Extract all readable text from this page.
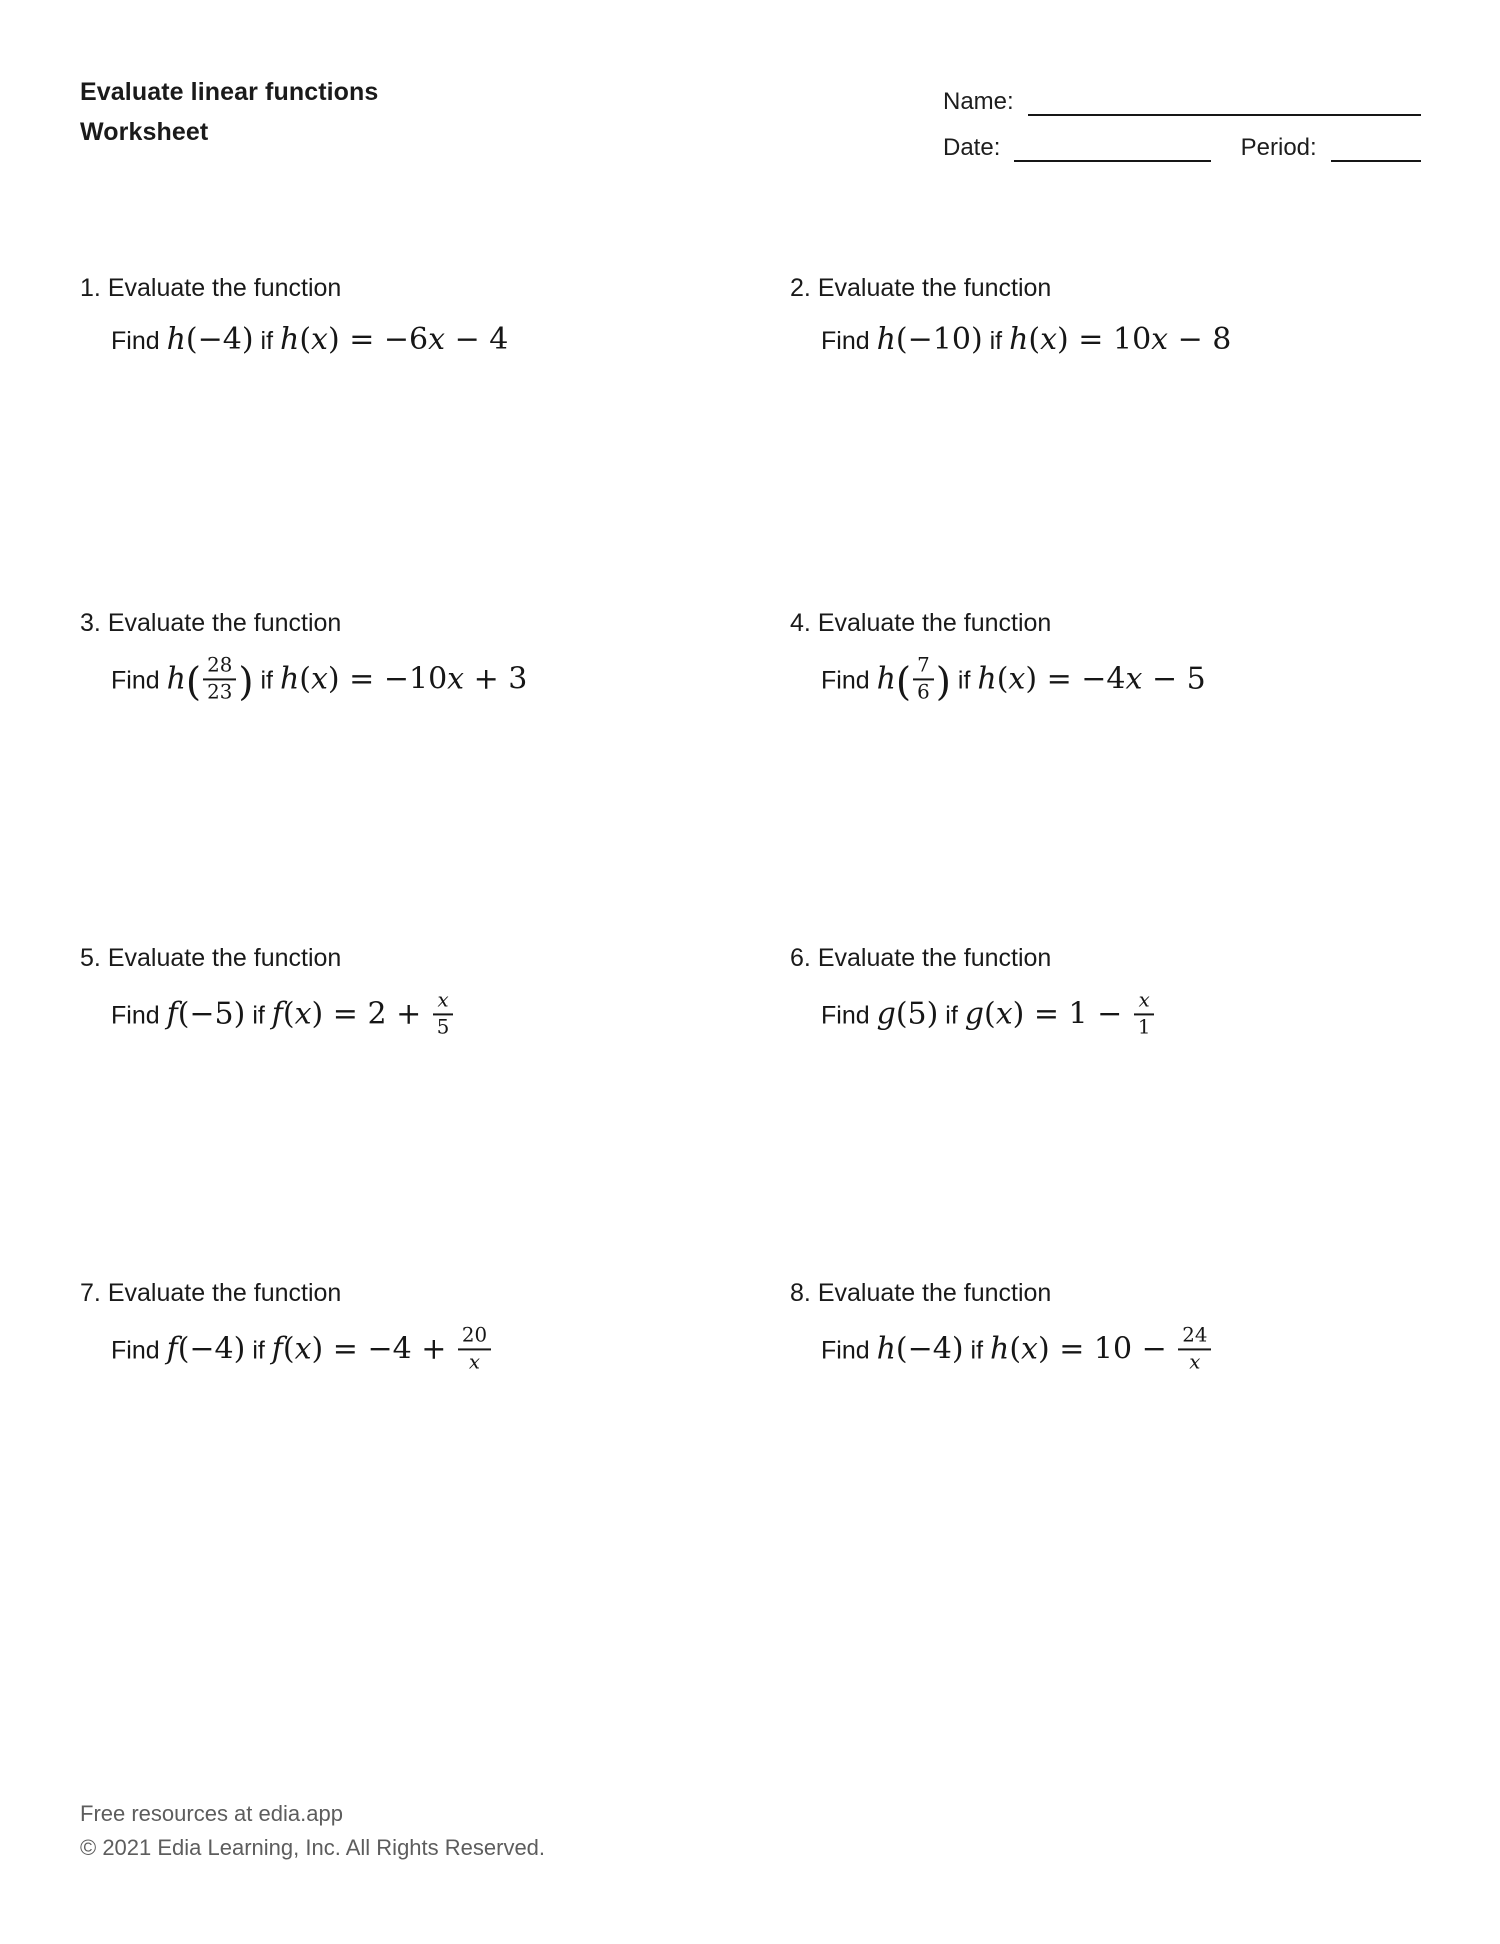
Evaluate linear functions
Worksheet
Name:
Date:	Period:
1. Evaluate the function
Find h(−4) if h(x) = −6x − 4
2. Evaluate the function
Find h(−10) if h(x) = 10x − 8
3. Evaluate the function
Find $h( \frac{28}{23}$ ) if h(x) = −10x + 3
4. Evaluate the function
Find $h( \frac{7}{6}$ ) if h(x) = −4x − 5
5. Evaluate the function
Find f(−5) if $f(x) = 2 + \frac{x}{5}$
6. Evaluate the function
Find g(5) if $g(x) = 1 - \frac{x}{1}$
7. Evaluate the function
Find f(−4) if $f(x) = -4 + \frac{20}{x}$
8. Evaluate the function
Find h(−4) if $h(x) = 10 - \frac{24}{x}$
Free resources at edia.app
© 2021 Edia Learning, Inc. All Rights Reserved.
